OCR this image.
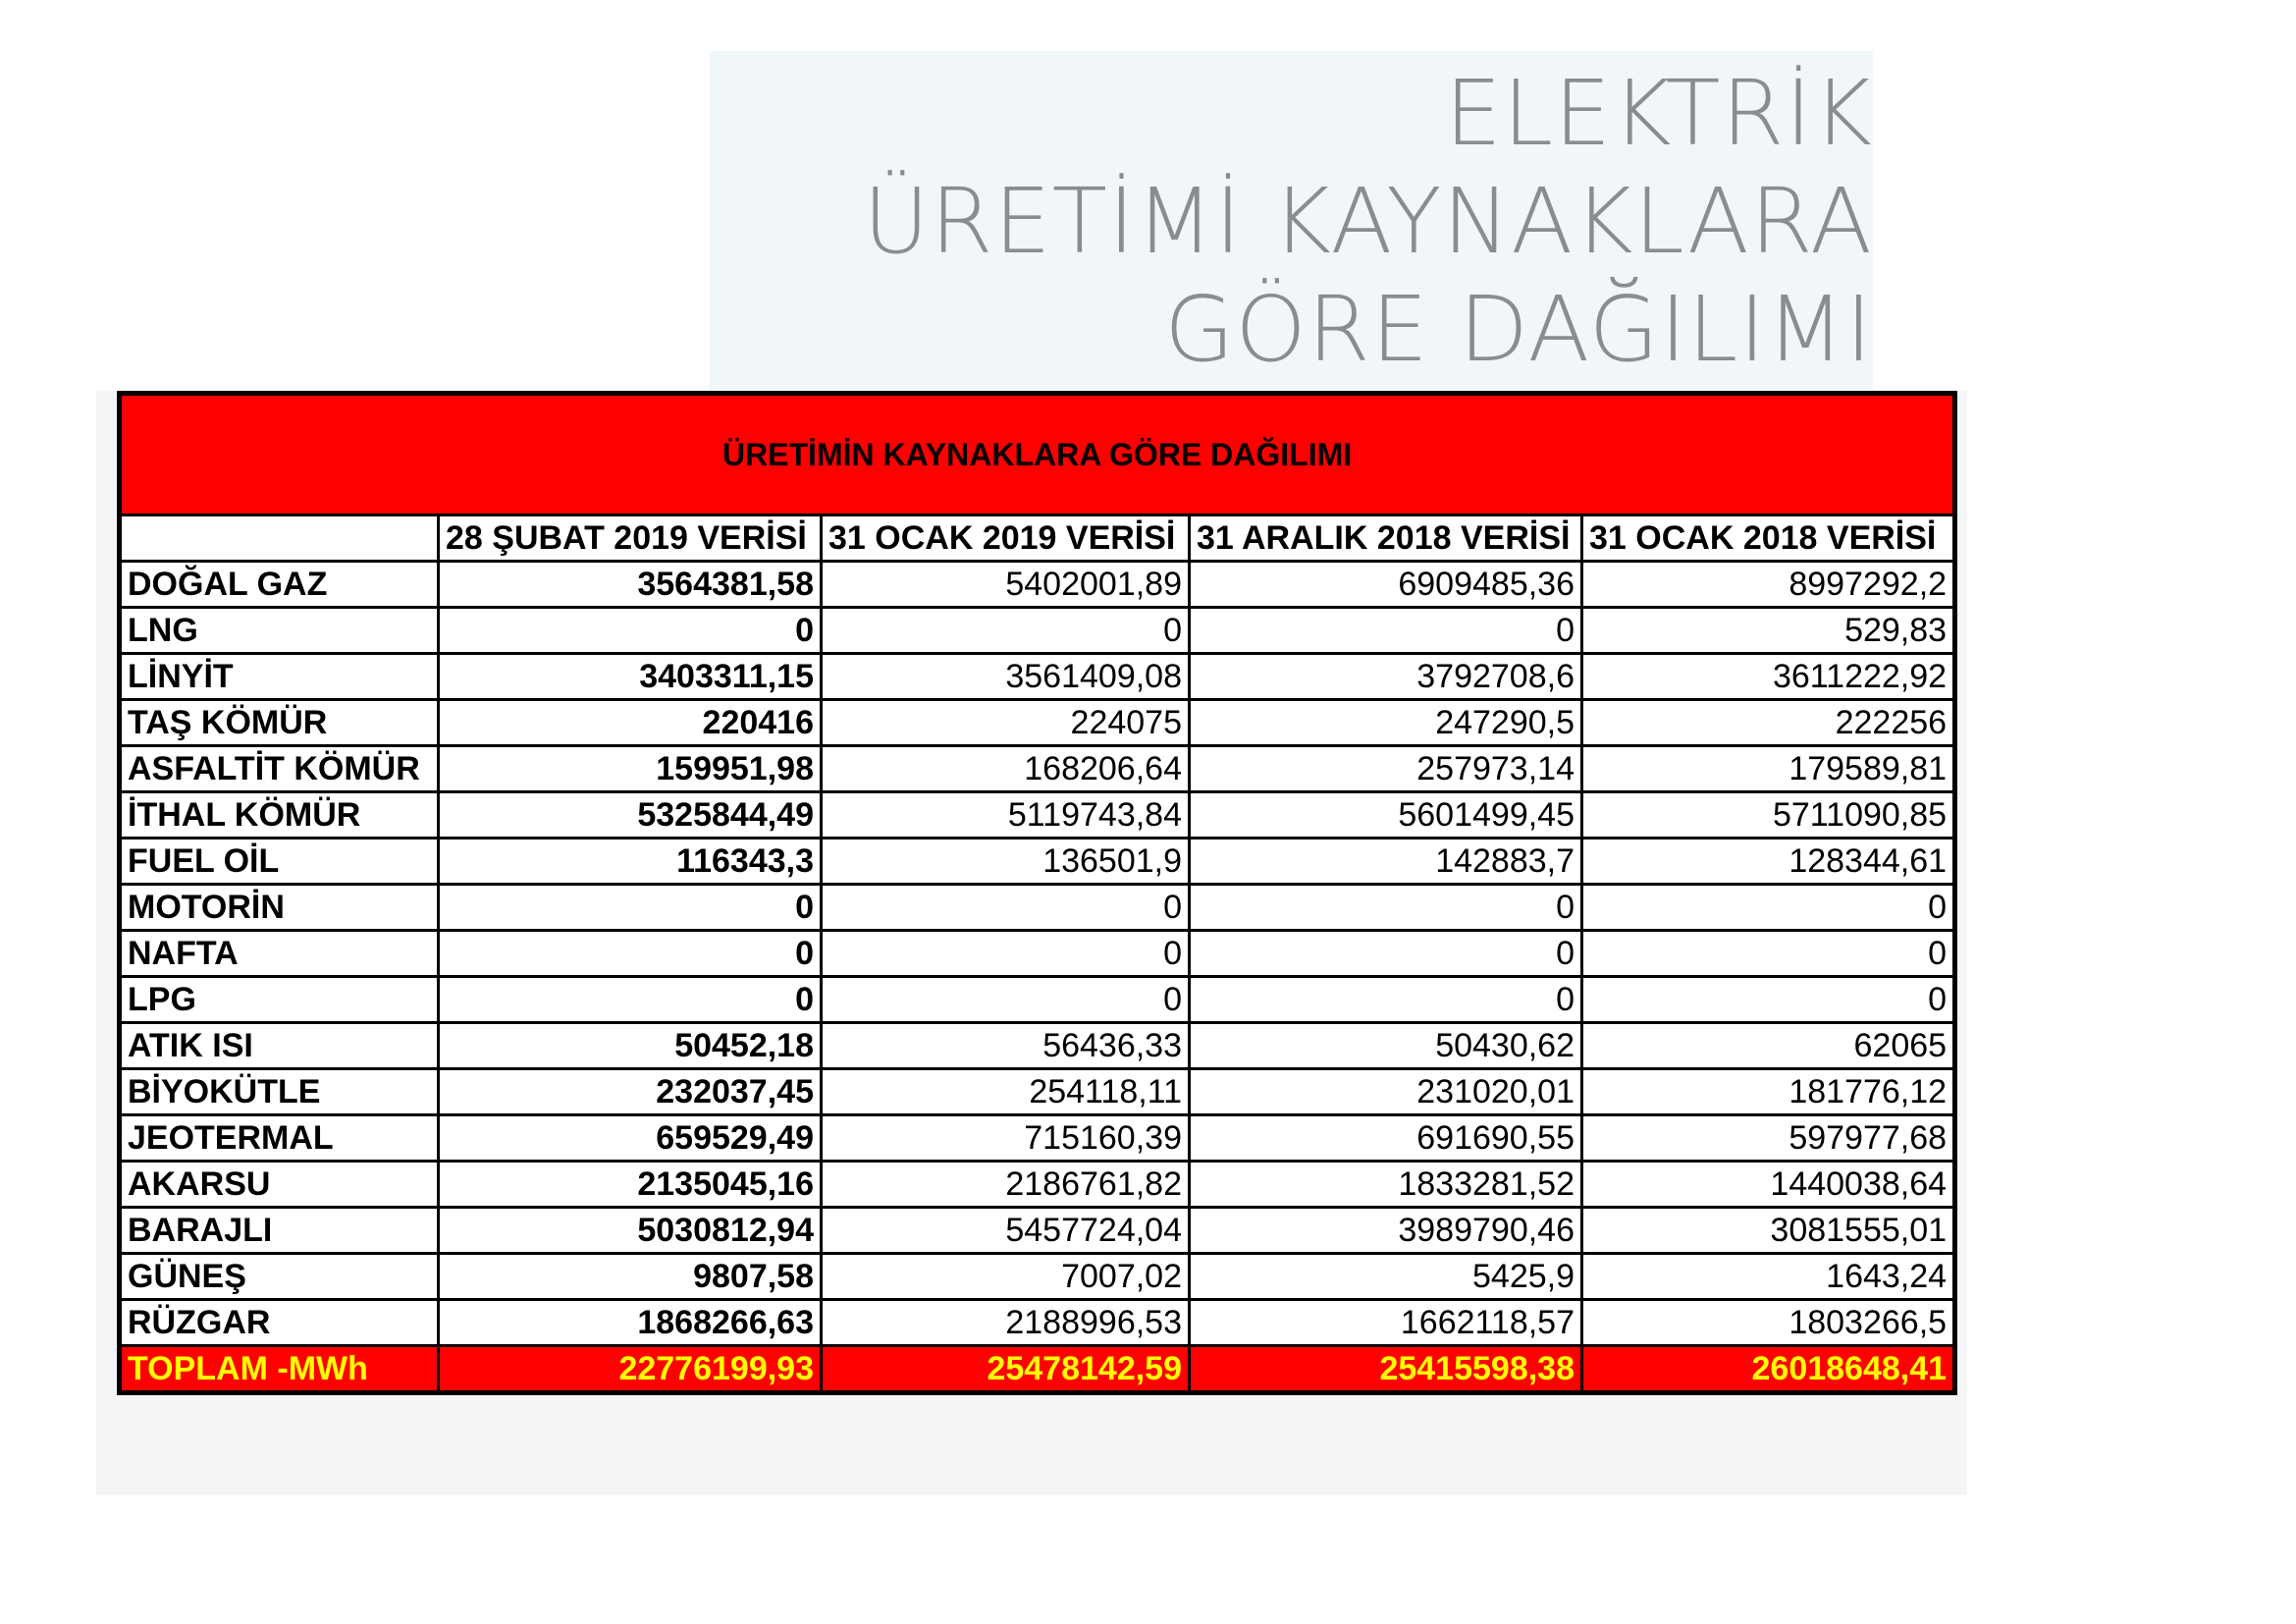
ELEKTRİK
ÜRETİMİ KAYNAKLARA
GÖRE DAĞILIMI
ÜRETİMİN KAYNAKLARA GÖRE DAĞILIMI				
	28 ŞUBAT 2019 VERİSİ	31 OCAK 2019 VERİSİ	31 ARALIK 2018 VERİSİ	31 OCAK 2018 VERİSİ
DOĞAL GAZ	3564381,58	5402001,89	6909485,36	8997292,2
LNG	0	0	0	529,83
LİNYİT	3403311,15	3561409,08	3792708,6	3611222,92
TAŞ KÖMÜR	220416	224075	247290,5	222256
ASFALTİT KÖMÜR	159951,98	168206,64	257973,14	179589,81
İTHAL KÖMÜR	5325844,49	5119743,84	5601499,45	5711090,85
FUEL OİL	116343,3	136501,9	142883,7	128344,61
MOTORİN	0	0	0	0
NAFTA	0	0	0	0
LPG	0	0	0	0
ATIK ISI	50452,18	56436,33	50430,62	62065
BİYOKÜTLE	232037,45	254118,11	231020,01	181776,12
JEOTERMAL	659529,49	715160,39	691690,55	597977,68
AKARSU	2135045,16	2186761,82	1833281,52	1440038,64
BARAJLI	5030812,94	5457724,04	3989790,46	3081555,01
GÜNEŞ	9807,58	7007,02	5425,9	1643,24
RÜZGAR	1868266,63	2188996,53	1662118,57	1803266,5
TOPLAM -MWh	22776199,93	25478142,59	25415598,38	26018648,41
